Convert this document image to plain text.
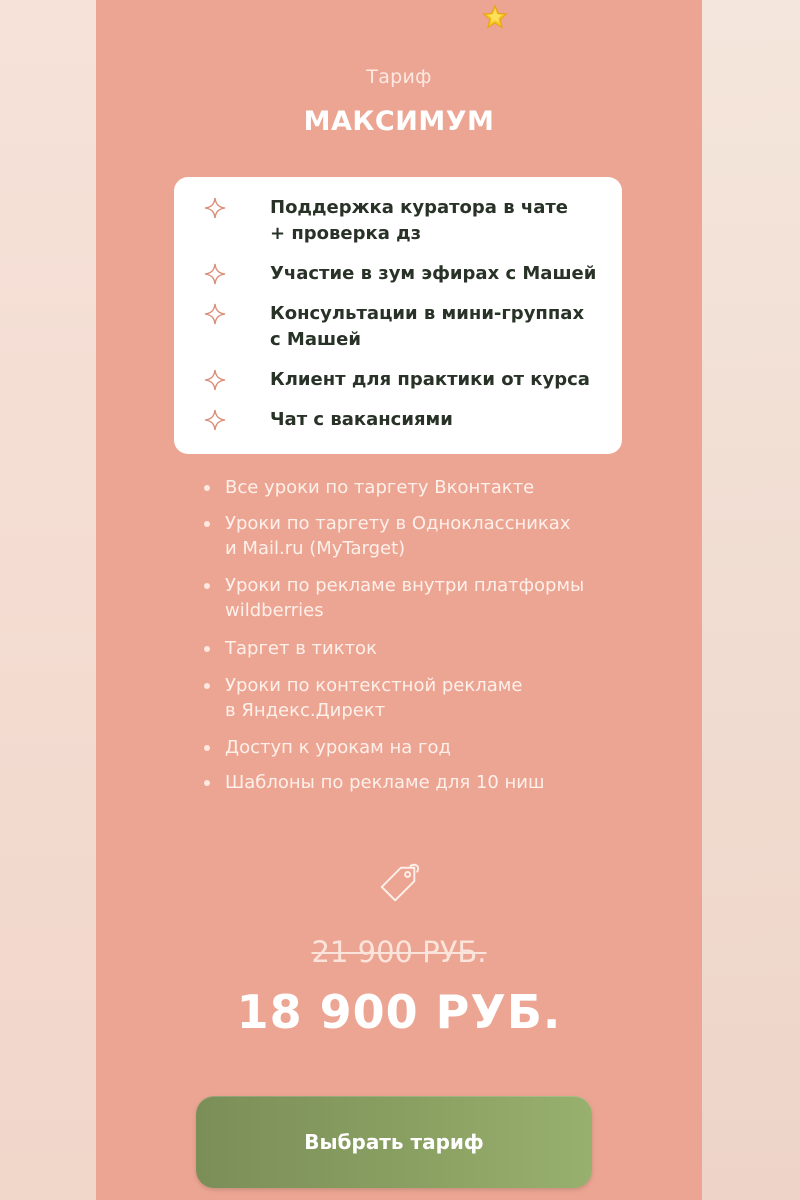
Тариф
МАКСИМУМ
Поддержка куратора в чате
+ проверка дз
Участие в зум эфирах с Машей
Консультации в мини-группах
с Машей
Клиент для практики от курса
Чат с вакансиями
Все уроки по таргету Вконтакте
Уроки по таргету в Одноклассниках
и Mail.ru (MyTarget)
Уроки по рекламе внутри платформы
wildberries
Таргет в тикток
Уроки по контекстной рекламе
в Яндекс.Директ
Доступ к урокам на год
Шаблоны по рекламе для 10 ниш
21 900 РУБ.
18 900 РУБ.
Выбрать тариф
